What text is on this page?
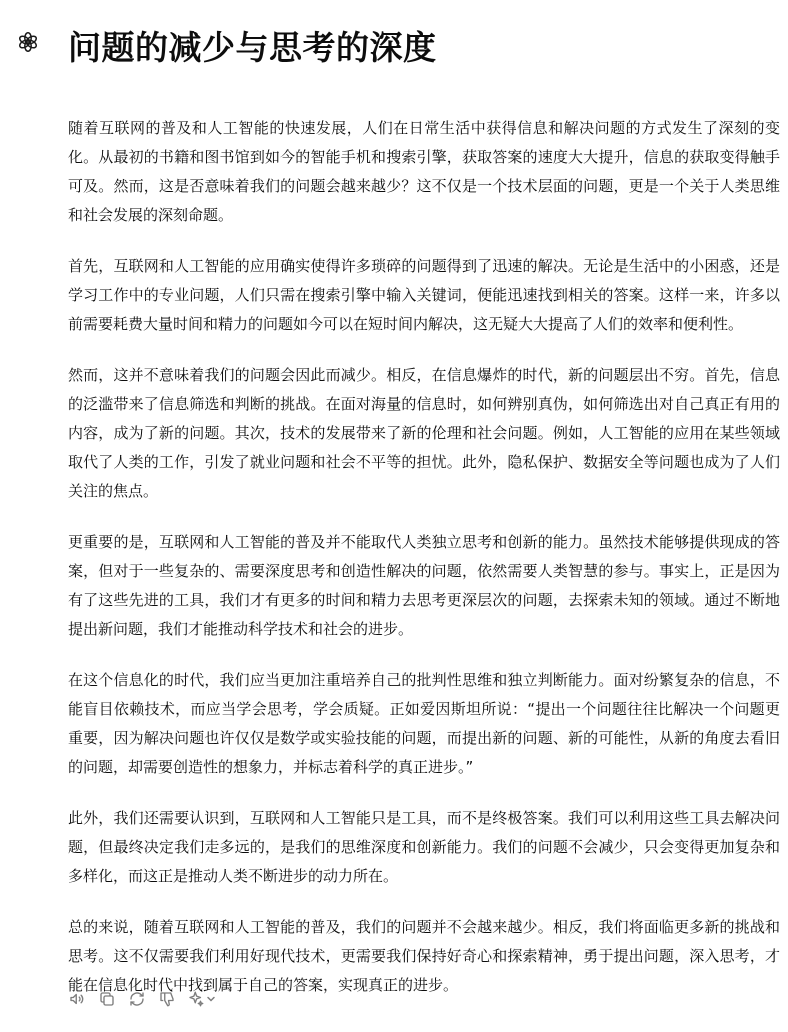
问题的减少与思考的深度

随着互联网的普及和人工智能的快速发展，人们在日常生活中获得信息和解决问题的方式发生了深刻的变化。从最初的书籍和图书馆到如今的智能手机和搜索引擎，获取答案的速度大大提升，信息的获取变得触手可及。然而，这是否意味着我们的问题会越来越少？这不仅是一个技术层面的问题，更是一个关于人类思维和社会发展的深刻命题。

首先，互联网和人工智能的应用确实使得许多琐碎的问题得到了迅速的解决。无论是生活中的小困惑，还是学习工作中的专业问题，人们只需在搜索引擎中输入关键词，便能迅速找到相关的答案。这样一来，许多以前需要耗费大量时间和精力的问题如今可以在短时间内解决，这无疑大大提高了人们的效率和便利性。

然而，这并不意味着我们的问题会因此而减少。相反，在信息爆炸的时代，新的问题层出不穷。首先，信息的泛滥带来了信息筛选和判断的挑战。在面对海量的信息时，如何辨别真伪，如何筛选出对自己真正有用的内容，成为了新的问题。其次，技术的发展带来了新的伦理和社会问题。例如，人工智能的应用在某些领域取代了人类的工作，引发了就业问题和社会不平等的担忧。此外，隐私保护、数据安全等问题也成为了人们关注的焦点。

更重要的是，互联网和人工智能的普及并不能取代人类独立思考和创新的能力。虽然技术能够提供现成的答案，但对于一些复杂的、需要深度思考和创造性解决的问题，依然需要人类智慧的参与。事实上，正是因为有了这些先进的工具，我们才有更多的时间和精力去思考更深层次的问题，去探索未知的领域。通过不断地提出新问题，我们才能推动科学技术和社会的进步。

在这个信息化的时代，我们应当更加注重培养自己的批判性思维和独立判断能力。面对纷繁复杂的信息，不能盲目依赖技术，而应当学会思考，学会质疑。正如爱因斯坦所说：“提出一个问题往往比解决一个问题更重要，因为解决问题也许仅仅是数学或实验技能的问题，而提出新的问题、新的可能性，从新的角度去看旧的问题，却需要创造性的想象力，并标志着科学的真正进步。”

此外，我们还需要认识到，互联网和人工智能只是工具，而不是终极答案。我们可以利用这些工具去解决问题，但最终决定我们走多远的，是我们的思维深度和创新能力。我们的问题不会减少，只会变得更加复杂和多样化，而这正是推动人类不断进步的动力所在。

总的来说，随着互联网和人工智能的普及，我们的问题并不会越来越少。相反，我们将面临更多新的挑战和思考。这不仅需要我们利用好现代技术，更需要我们保持好奇心和探索精神，勇于提出问题，深入思考，才能在信息化时代中找到属于自己的答案，实现真正的进步。
